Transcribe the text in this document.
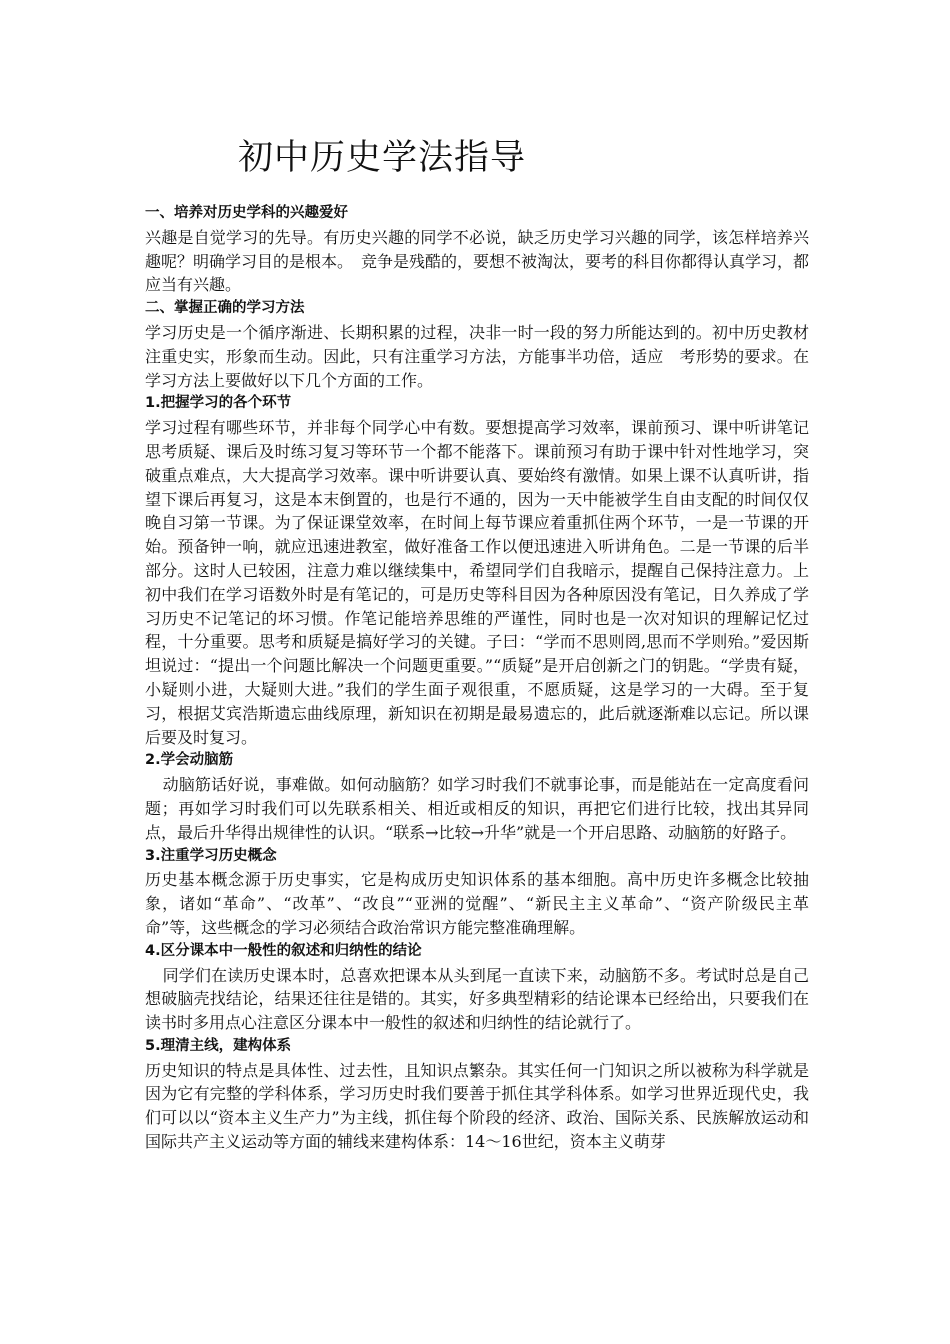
初中历史学法指导
一、培养对历史学科的兴趣爱好
兴趣是自觉学习的先导。有历史兴趣的同学不必说，缺乏历史学习兴趣的同学，该怎样培养兴趣呢？明确学习目的是根本。　竞争是残酷的，要想不被淘汰，要考的科目你都得认真学习，都应当有兴趣。
二、掌握正确的学习方法
学习历史是一个循序渐进、长期积累的过程，决非一时一段的努力所能达到的。初中历史教材注重史实，形象而生动。因此，只有注重学习方法，方能事半功倍，适应　考形势的要求。在学习方法上要做好以下几个方面的工作。
1.把握学习的各个环节
学习过程有哪些环节，并非每个同学心中有数。要想提高学习效率，课前预习、课中听讲笔记思考质疑、课后及时练习复习等环节一个都不能落下。课前预习有助于课中针对性地学习，突破重点难点，大大提高学习效率。课中听讲要认真、要始终有激情。如果上课不认真听讲，指望下课后再复习，这是本末倒置的，也是行不通的，因为一天中能被学生自由支配的时间仅仅晚自习第一节课。为了保证课堂效率，在时间上每节课应着重抓住两个环节，一是一节课的开始。预备钟一响，就应迅速进教室，做好准备工作以便迅速进入听讲角色。二是一节课的后半部分。这时人已较困，注意力难以继续集中，希望同学们自我暗示，提醒自己保持注意力。上初中我们在学习语数外时是有笔记的，可是历史等科目因为各种原因没有笔记，日久养成了学习历史不记笔记的坏习惯。作笔记能培养思维的严谨性，同时也是一次对知识的理解记忆过程，十分重要。思考和质疑是搞好学习的关键。子曰：“学而不思则罔,思而不学则殆。”爱因斯坦说过：“提出一个问题比解决一个问题更重要。”“质疑”是开启创新之门的钥匙。“学贵有疑，小疑则小进，大疑则大进。”我们的学生面子观很重，不愿质疑，这是学习的一大碍。至于复习，根据艾宾浩斯遗忘曲线原理，新知识在初期是最易遗忘的，此后就逐渐难以忘记。所以课后要及时复习。
2.学会动脑筋
动脑筋话好说，事难做。如何动脑筋？如学习时我们不就事论事，而是能站在一定高度看问题；再如学习时我们可以先联系相关、相近或相反的知识，再把它们进行比较，找出其异同点，最后升华得出规律性的认识。“联系→比较→升华”就是一个开启思路、动脑筋的好路子。
3.注重学习历史概念
历史基本概念源于历史事实，它是构成历史知识体系的基本细胞。高中历史许多概念比较抽象，诸如“革命”、“改革”、“改良”“亚洲的觉醒”、“新民主主义革命”、“资产阶级民主革命”等，这些概念的学习必须结合政治常识方能完整准确理解。
4.区分课本中一般性的叙述和归纳性的结论
同学们在读历史课本时，总喜欢把课本从头到尾一直读下来，动脑筋不多。考试时总是自己想破脑壳找结论，结果还往往是错的。其实，好多典型精彩的结论课本已经给出，只要我们在读书时多用点心注意区分课本中一般性的叙述和归纳性的结论就行了。
5.理清主线，建构体系
历史知识的特点是具体性、过去性，且知识点繁杂。其实任何一门知识之所以被称为科学就是因为它有完整的学科体系，学习历史时我们要善于抓住其学科体系。如学习世界近现代史，我们可以以“资本主义生产力”为主线，抓住每个阶段的经济、政治、国际关系、民族解放运动和国际共产主义运动等方面的辅线来建构体系：14～16世纪，资本主义萌芽
